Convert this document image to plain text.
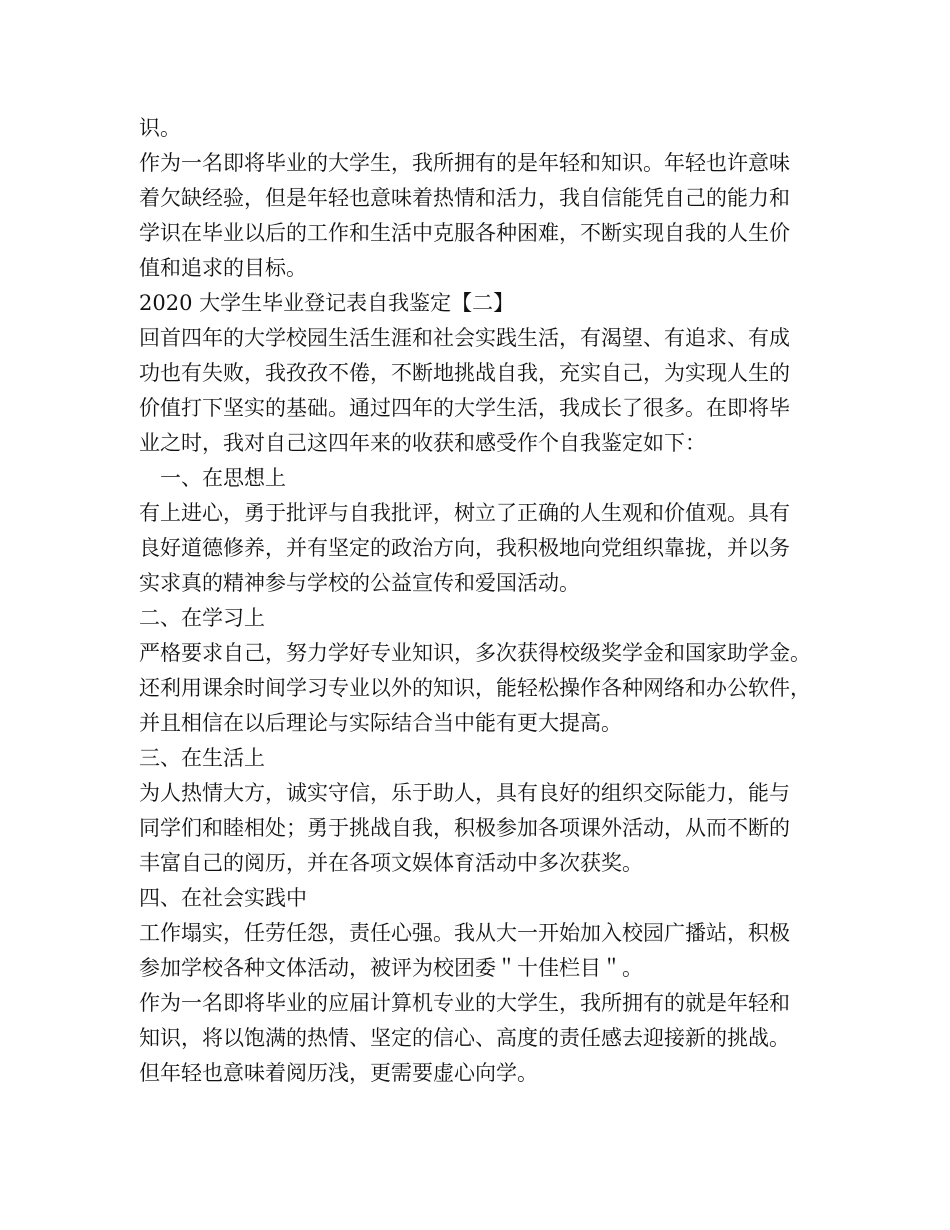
识。
作为一名即将毕业的大学生，我所拥有的是年轻和知识。年轻也许意味
着欠缺经验，但是年轻也意味着热情和活力，我自信能凭自己的能力和
学识在毕业以后的工作和生活中克服各种困难，不断实现自我的人生价
值和追求的目标。
2020 大学生毕业登记表自我鉴定【二】
回首四年的大学校园生活生涯和社会实践生活，有渴望、有追求、有成
功也有失败，我孜孜不倦，不断地挑战自我，充实自己，为实现人生的
价值打下坚实的基础。通过四年的大学生活，我成长了很多。在即将毕
业之时，我对自己这四年来的收获和感受作个自我鉴定如下：
一、在思想上
有上进心，勇于批评与自我批评，树立了正确的人生观和价值观。具有
良好道德修养，并有坚定的政治方向，我积极地向党组织靠拢，并以务
实求真的精神参与学校的公益宣传和爱国活动。
二、在学习上
严格要求自己，努力学好专业知识，多次获得校级奖学金和国家助学金。
还利用课余时间学习专业以外的知识，能轻松操作各种网络和办公软件，
并且相信在以后理论与实际结合当中能有更大提高。
三、在生活上
为人热情大方，诚实守信，乐于助人，具有良好的组织交际能力，能与
同学们和睦相处；勇于挑战自我，积极参加各项课外活动，从而不断的
丰富自己的阅历，并在各项文娱体育活动中多次获奖。
四、在社会实践中
工作塌实，任劳任怨，责任心强。我从大一开始加入校园广播站，积极
参加学校各种文体活动，被评为校团委＂十佳栏目＂。
作为一名即将毕业的应届计算机专业的大学生，我所拥有的就是年轻和
知识，将以饱满的热情、坚定的信心、高度的责任感去迎接新的挑战。
但年轻也意味着阅历浅，更需要虚心向学。
